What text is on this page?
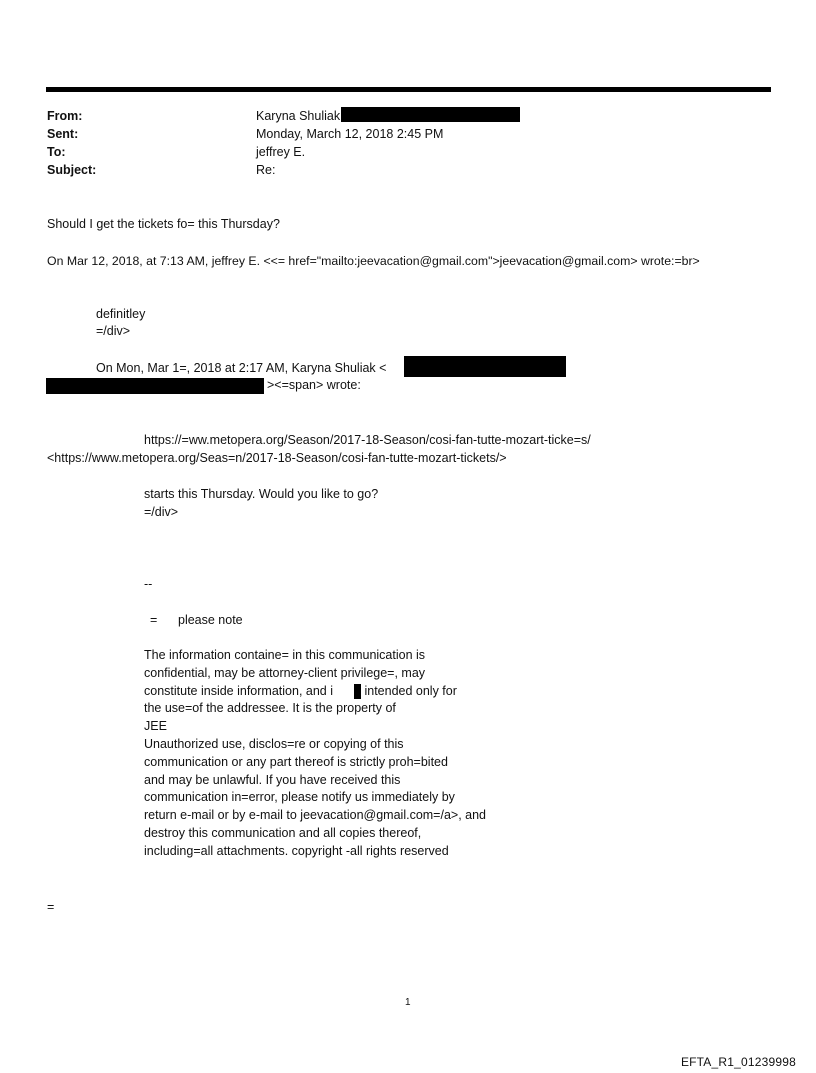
From:	Karyna Shuliak
Sent:	Monday, March 12, 2018 2:45 PM
To:	jeffrey E.
Subject:	Re:
Should I get the tickets fo= this Thursday?
On Mar 12, 2018, at 7:13 AM, jeffrey E. <<= href="mailto:jeevacation@gmail.com">jeevacation@gmail.com> wrote:=br>
definitley
=/div>
On Mon, Mar 1=, 2018 at 2:17 AM, Karyna Shuliak <
><=span> wrote:
https://=ww.metopera.org/Season/2017-18-Season/cosi-fan-tutte-mozart-ticke=s/
<https://www.metopera.org/Seas=n/2017-18-Season/cosi-fan-tutte-mozart-tickets/>
starts this Thursday. Would you like to go?
=/div>
--
= please note
The information containe= in this communication is
confidential, may be attorney-client privilege=, may
constitute inside information, and i	intended only for
the use=of the addressee. It is the property of
JEE
Unauthorized use, disclos=re or copying of this
communication or any part thereof is strictly proh=bited
and may be unlawful. If you have received this
communication in=error, please notify us immediately by
return e-mail or by e-mail to jeevacation@gmail.com=/a>, and
destroy this communication and all copies thereof,
including=all attachments. copyright -all rights reserved
=
1
EFTA_R1_01239998
